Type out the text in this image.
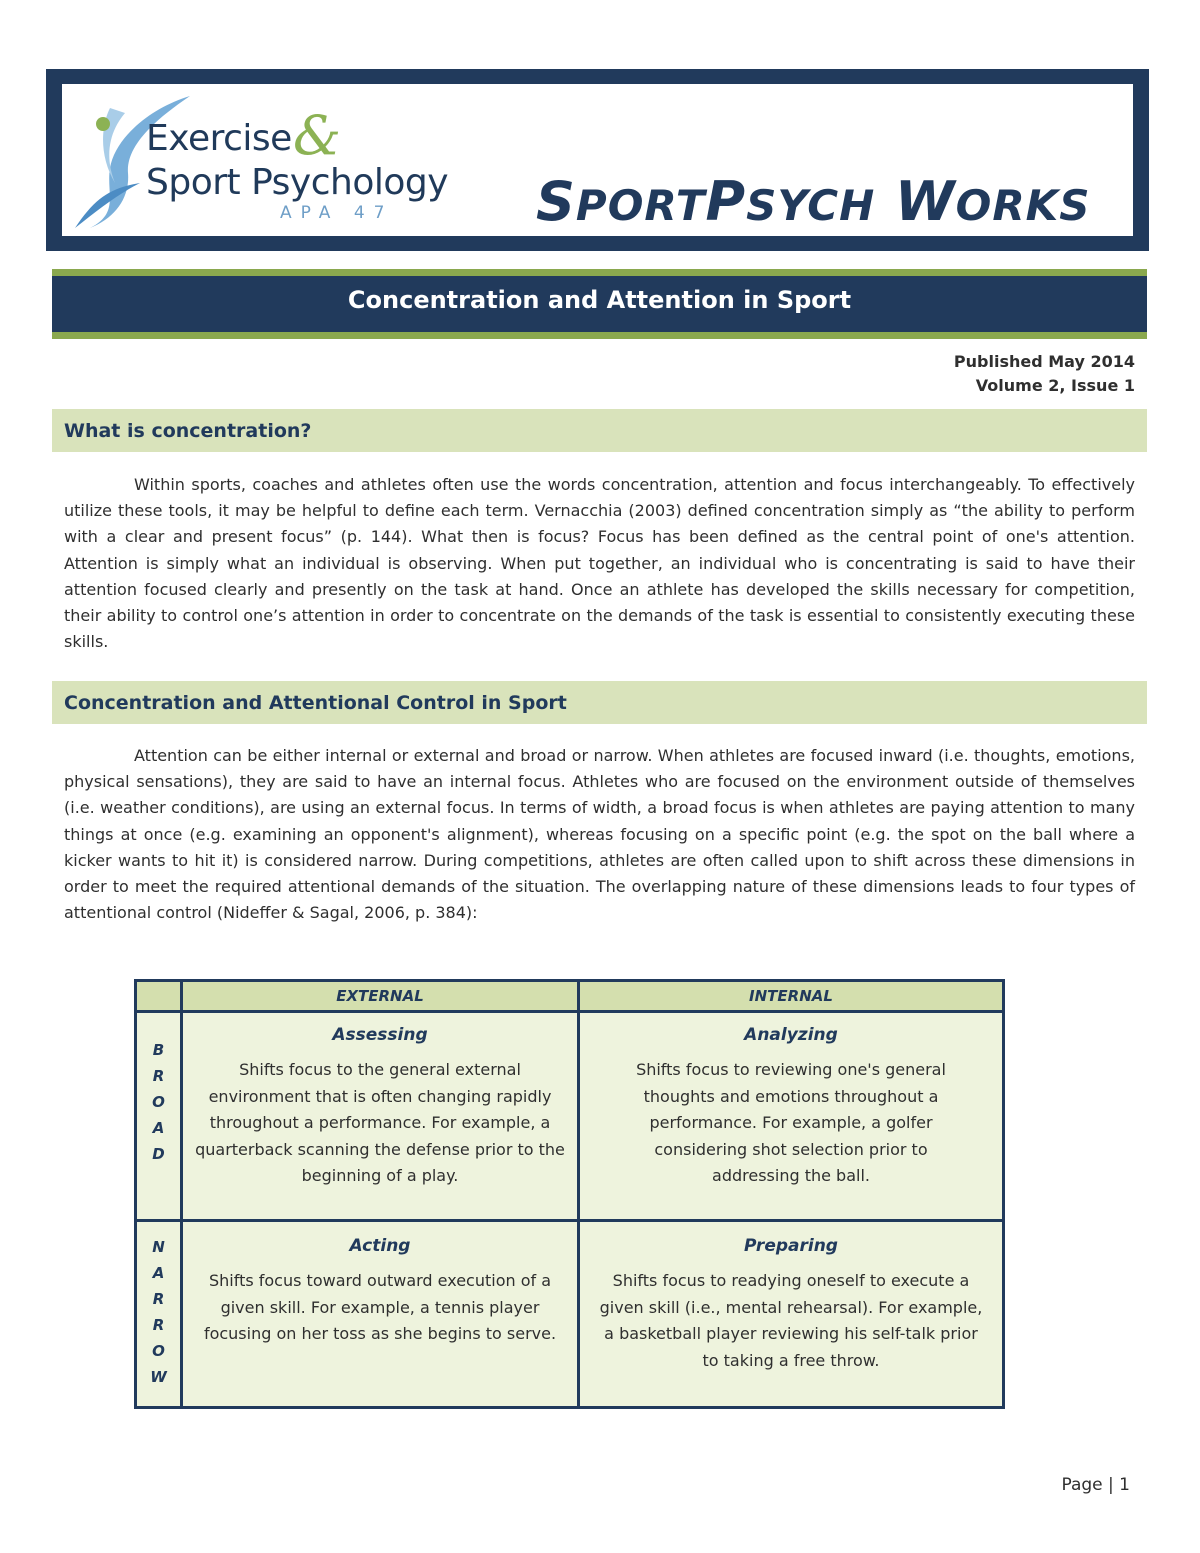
Exercise &
Sport Psychology
APA 47	SPORTPSYCH WORKS
Concentration and Attention in Sport
Published May 2014
Volume 2, Issue 1
What is concentration?
Within sports, coaches and athletes often use the words concentration, attention and focus interchangeably. To effectively utilize these tools, it may be helpful to define each term. Vernacchia (2003) defined concentration simply as “the ability to perform with a clear and present focus” (p. 144). What then is focus? Focus has been defined as the central point of one's attention. Attention is simply what an individual is observing. When put together, an individual who is concentrating is said to have their attention focused clearly and presently on the task at hand. Once an athlete has developed the skills necessary for competition, their ability to control one’s attention in order to concentrate on the demands of the task is essential to consistently executing these skills.
Concentration and Attentional Control in Sport
Attention can be either internal or external and broad or narrow. When athletes are focused inward (i.e. thoughts, emotions, physical sensations), they are said to have an internal focus. Athletes who are focused on the environment outside of themselves (i.e. weather conditions), are using an external focus. In terms of width, a broad focus is when athletes are paying attention to many things at once (e.g. examining an opponent's alignment), whereas focusing on a specific point (e.g. the spot on the ball where a kicker wants to hit it) is considered narrow. During competitions, athletes are often called upon to shift across these dimensions in order to meet the required attentional demands of the situation. The overlapping nature of these dimensions leads to four types of attentional control (Nideffer & Sagal, 2006, p. 384):
EXTERNAL	INTERNAL
B
R
O
A
D
Assessing
Shifts focus to the general external environment that is often changing rapidly throughout a performance. For example, a quarterback scanning the defense prior to the beginning of a play.
Analyzing
Shifts focus to reviewing one's general thoughts and emotions throughout a performance. For example, a golfer considering shot selection prior to addressing the ball.
N
A
R
R
O
W
Acting
Shifts focus toward outward execution of a given skill. For example, a tennis player focusing on her toss as she begins to serve.
Preparing
Shifts focus to readying oneself to execute a given skill (i.e., mental rehearsal). For example, a basketball player reviewing his self-talk prior to taking a free throw.
Page | 1
